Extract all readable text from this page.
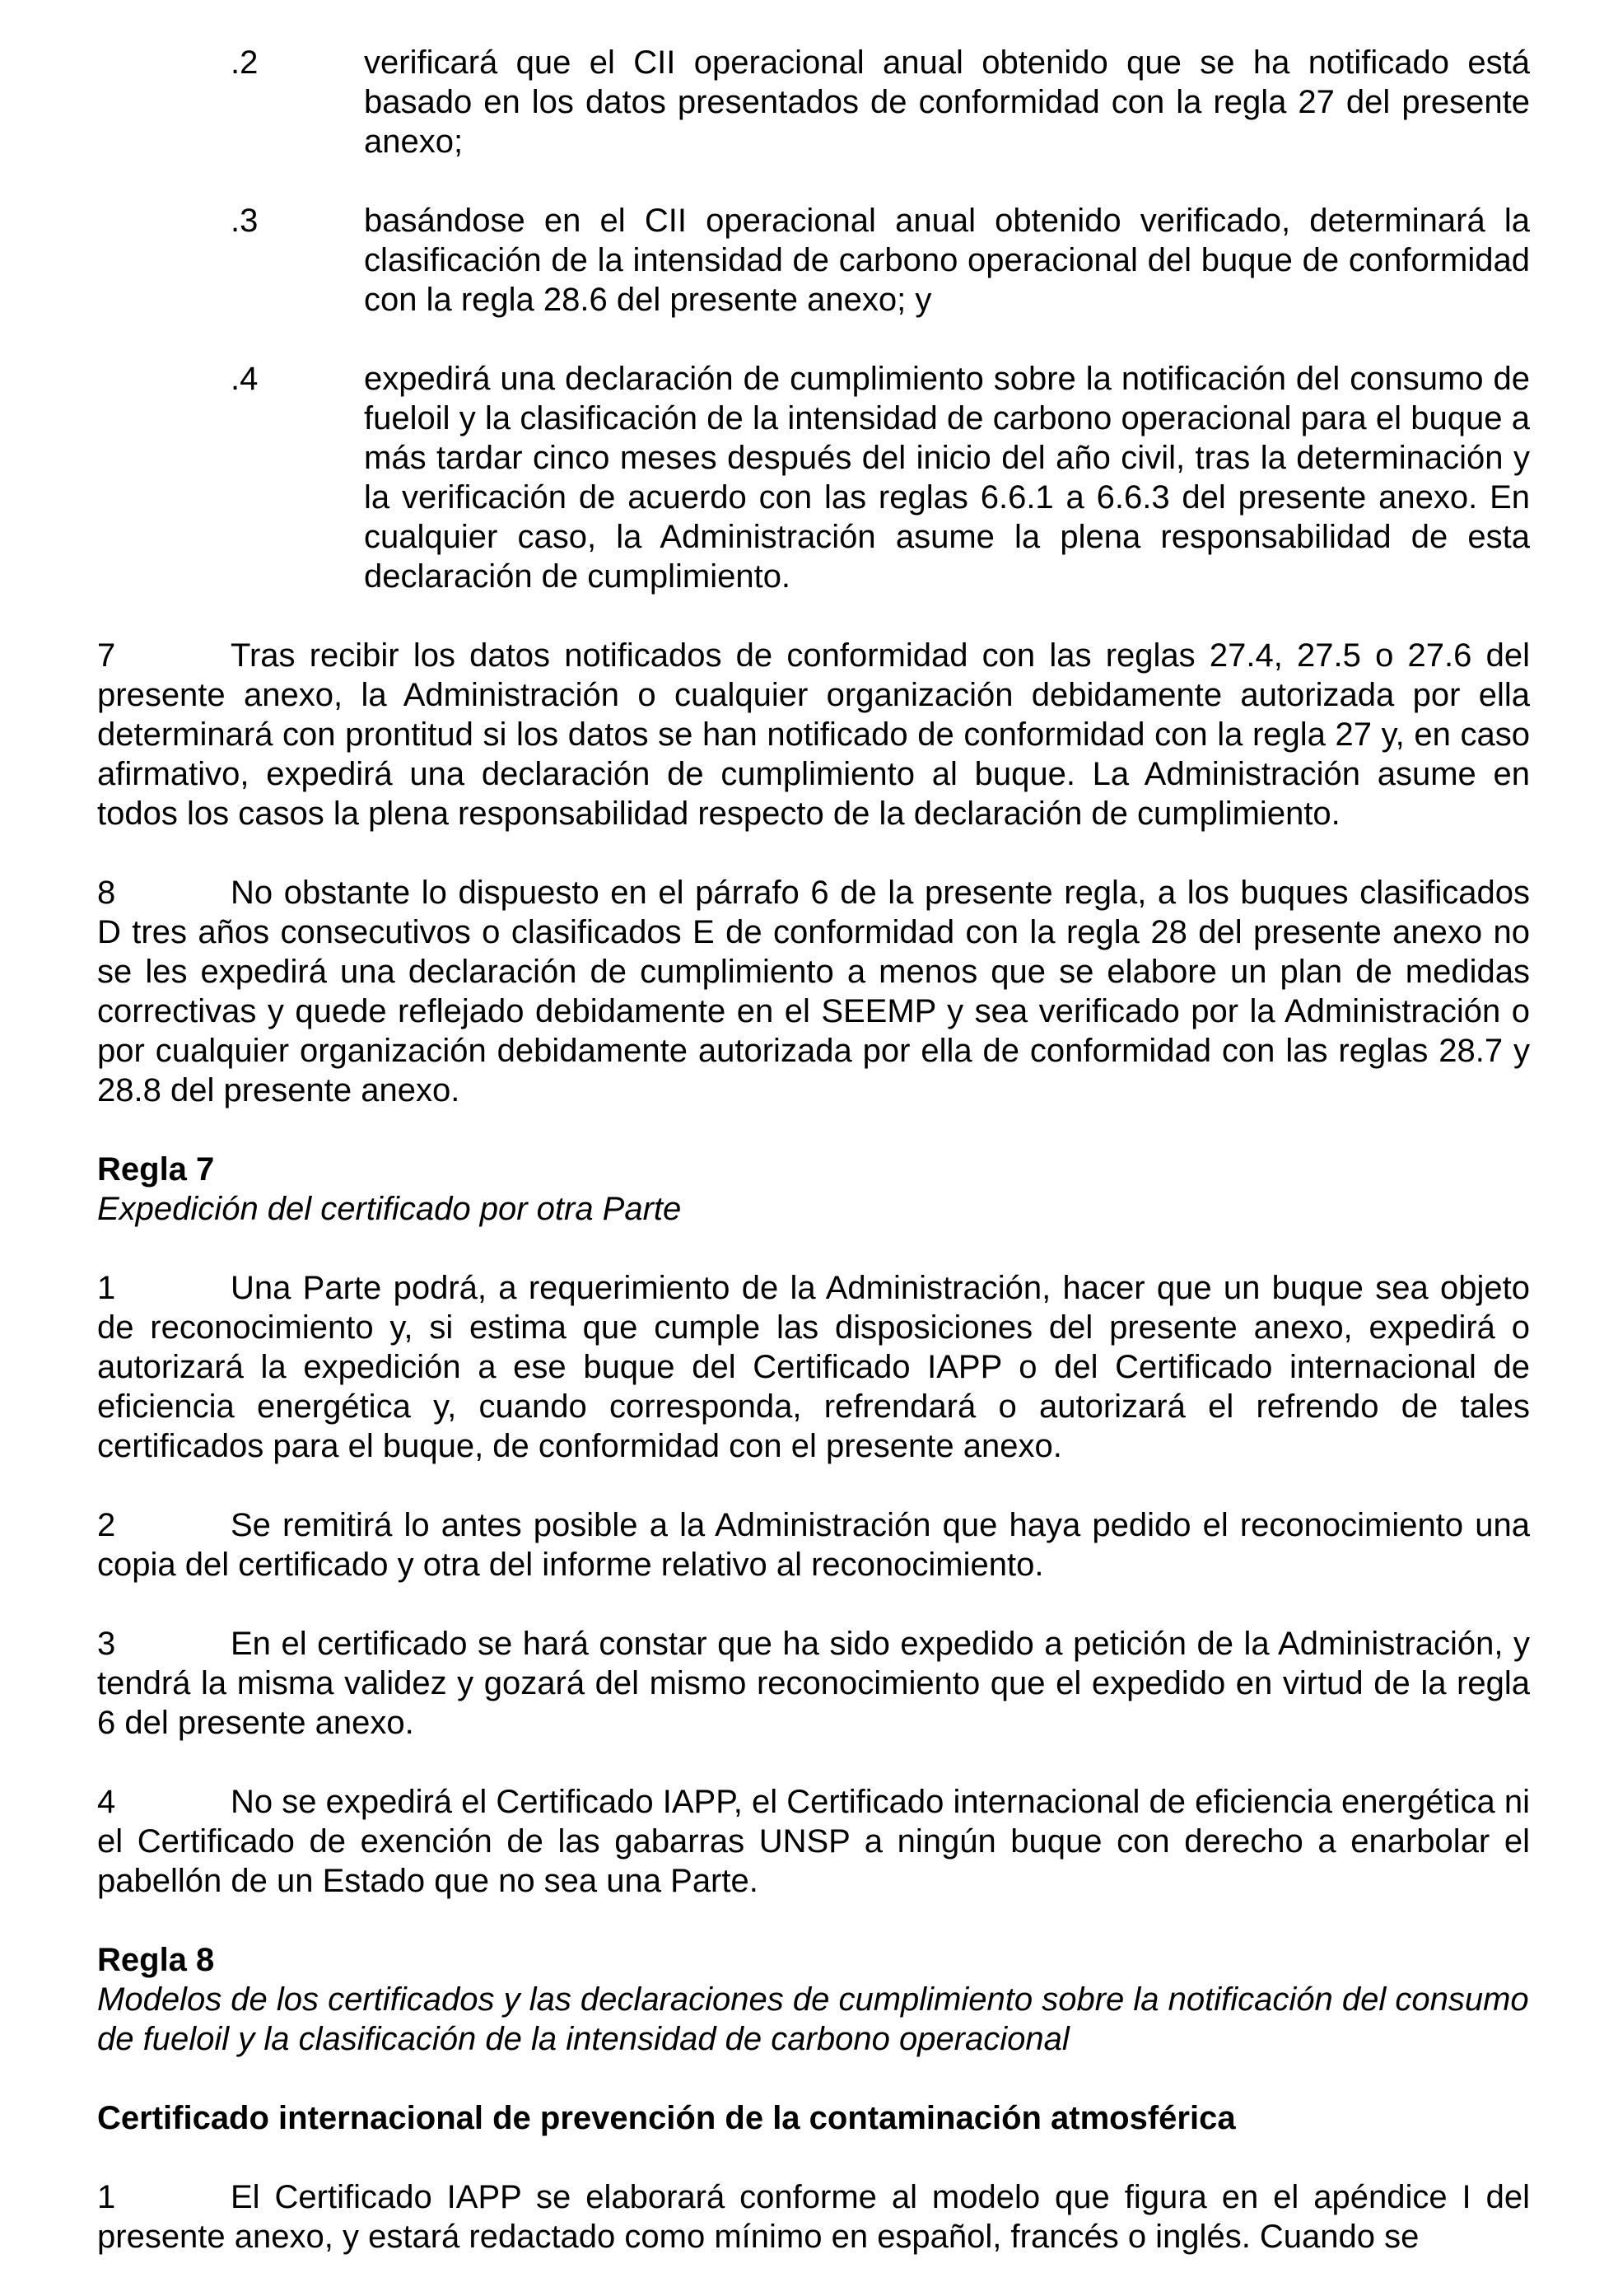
.2	verificará que el CII operacional anual obtenido que se ha notificado está basado en los datos presentados de conformidad con la regla 27 del presente anexo;
.3	basándose en el CII operacional anual obtenido verificado, determinará la clasificación de la intensidad de carbono operacional del buque de conformidad con la regla 28.6 del presente anexo; y
.4	expedirá una declaración de cumplimiento sobre la notificación del consumo de fueloil y la clasificación de la intensidad de carbono operacional para el buque a más tardar cinco meses después del inicio del año civil, tras la determinación y la verificación de acuerdo con las reglas 6.6.1 a 6.6.3 del presente anexo. En cualquier caso, la Administración asume la plena responsabilidad de esta declaración de cumplimiento.

7	Tras recibir los datos notificados de conformidad con las reglas 27.4, 27.5 o 27.6 del presente anexo, la Administración o cualquier organización debidamente autorizada por ella determinará con prontitud si los datos se han notificado de conformidad con la regla 27 y, en caso afirmativo, expedirá una declaración de cumplimiento al buque. La Administración asume en todos los casos la plena responsabilidad respecto de la declaración de cumplimiento.

8	No obstante lo dispuesto en el párrafo 6 de la presente regla, a los buques clasificados D tres años consecutivos o clasificados E de conformidad con la regla 28 del presente anexo no se les expedirá una declaración de cumplimiento a menos que se elabore un plan de medidas correctivas y quede reflejado debidamente en el SEEMP y sea verificado por la Administración o por cualquier organización debidamente autorizada por ella de conformidad con las reglas 28.7 y 28.8 del presente anexo.

Regla 7

Expedición del certificado por otra Parte

1	Una Parte podrá, a requerimiento de la Administración, hacer que un buque sea objeto de reconocimiento y, si estima que cumple las disposiciones del presente anexo, expedirá o autorizará la expedición a ese buque del Certificado IAPP o del Certificado internacional de eficiencia energética y, cuando corresponda, refrendará o autorizará el refrendo de tales certificados para el buque, de conformidad con el presente anexo.

2	Se remitirá lo antes posible a la Administración que haya pedido el reconocimiento una copia del certificado y otra del informe relativo al reconocimiento.

3	En el certificado se hará constar que ha sido expedido a petición de la Administración, y tendrá la misma validez y gozará del mismo reconocimiento que el expedido en virtud de la regla 6 del presente anexo.

4	No se expedirá el Certificado IAPP, el Certificado internacional de eficiencia energética ni el Certificado de exención de las gabarras UNSP a ningún buque con derecho a enarbolar el pabellón de un Estado que no sea una Parte.

Regla 8

Modelos de los certificados y las declaraciones de cumplimiento sobre la notificación del consumo de fueloil y la clasificación de la intensidad de carbono operacional

Certificado internacional de prevención de la contaminación atmosférica

1	El Certificado IAPP se elaborará conforme al modelo que figura en el apéndice I del presente anexo, y estará redactado como mínimo en español, francés o inglés. Cuando se
